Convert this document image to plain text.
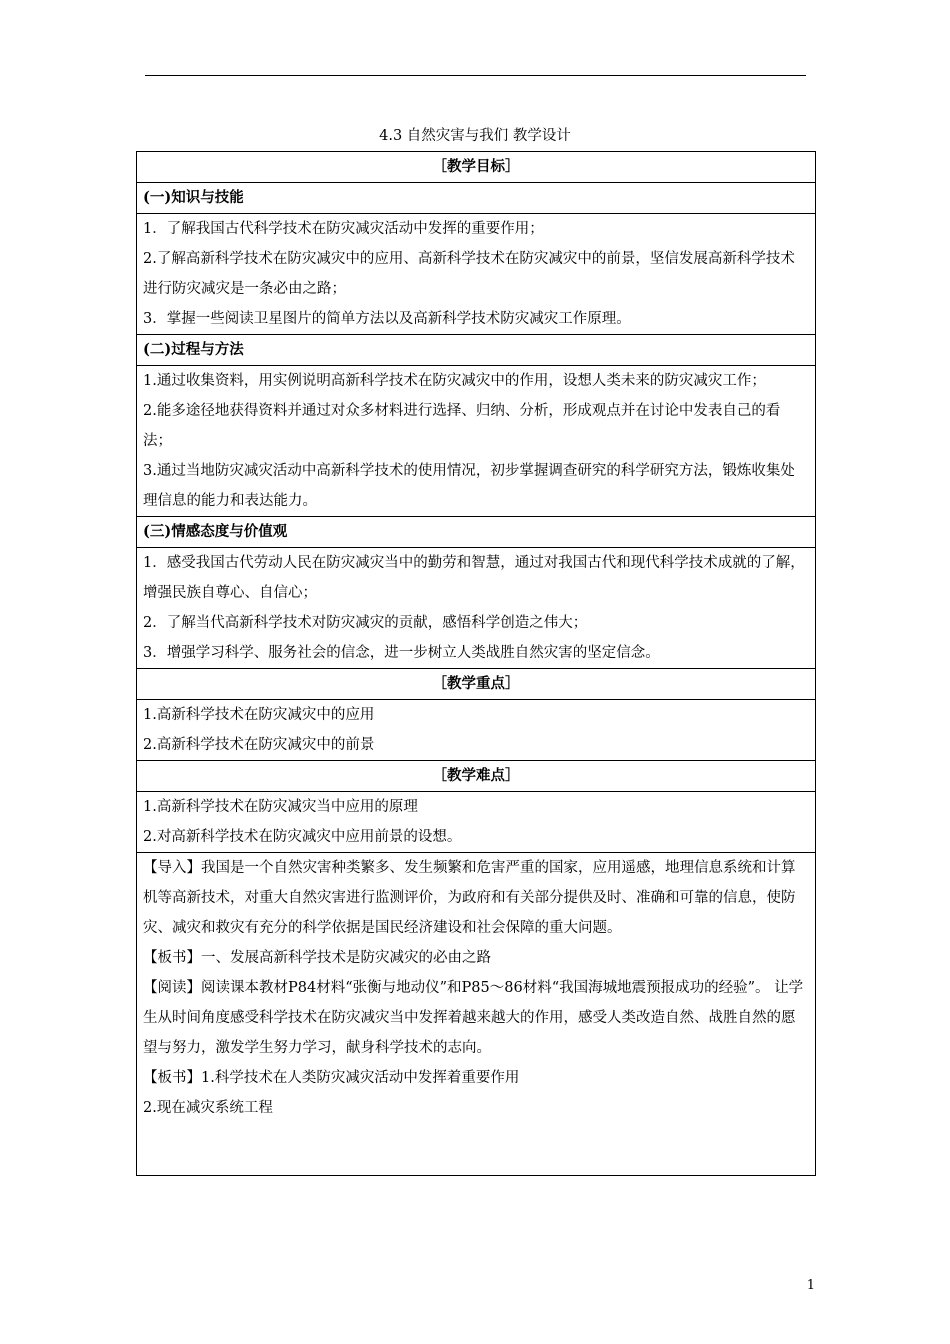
4.3 自然灾害与我们 教学设计
［教学目标］
(一)知识与技能

1．了解我国古代科学技术在防灾减灾活动中发挥的重要作用；

2.了解高新科学技术在防灾减灾中的应用、高新科学技术在防灾减灾中的前景，坚信发展高新科学技术进行防灾减灾是一条必由之路；

3．掌握一些阅读卫星图片的简单方法以及高新科学技术防灾减灾工作原理。

(二)过程与方法

1.通过收集资料，用实例说明高新科学技术在防灾减灾中的作用，设想人类未来的防灾减灾工作；

2.能多途径地获得资料并通过对众多材料进行选择、归纳、分析，形成观点并在讨论中发表自己的看法；

3.通过当地防灾减灾活动中高新科学技术的使用情况，初步掌握调查研究的科学研究方法，锻炼收集处理信息的能力和表达能力。

(三)情感态度与价值观

1．感受我国古代劳动人民在防灾减灾当中的勤劳和智慧，通过对我国古代和现代科学技术成就的了解，增强民族自尊心、自信心；

2．了解当代高新科学技术对防灾减灾的贡献，感悟科学创造之伟大；

3．增强学习科学、服务社会的信念，进一步树立人类战胜自然灾害的坚定信念。

［教学重点］

1.高新科学技术在防灾减灾中的应用

2.高新科学技术在防灾减灾中的前景

［教学难点］

1.高新科学技术在防灾减灾当中应用的原理

2.对高新科学技术在防灾减灾中应用前景的设想。

【导入】我国是一个自然灾害种类繁多、发生频繁和危害严重的国家，应用遥感，地理信息系统和计算机等高新技术，对重大自然灾害进行监测评价，为政府和有关部分提供及时、准确和可靠的信息，使防灾、减灾和救灾有充分的科学依据是国民经济建设和社会保障的重大问题。

【板书】一、发展高新科学技术是防灾减灾的必由之路

【阅读】阅读课本教材P84材料“张衡与地动仪”和P85～86材料“我国海城地震预报成功的经验”。 让学生从时间角度感受科学技术在防灾减灾当中发挥着越来越大的作用，感受人类改造自然、战胜自然的愿望与努力，激发学生努力学习，献身科学技术的志向。

【板书】1.科学技术在人类防灾减灾活动中发挥着重要作用

2.现在减灾系统工程

1
